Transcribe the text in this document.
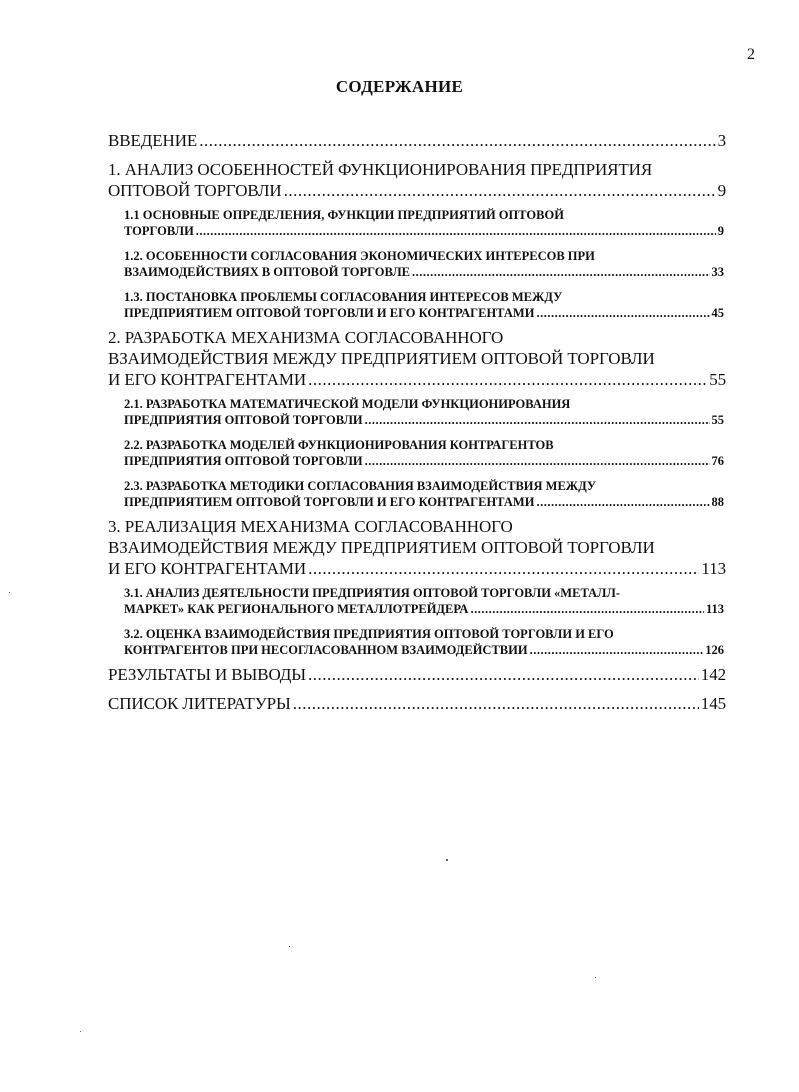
2
СОДЕРЖАНИЕ
ВВЕДЕНИЕ .....	3
1. АНАЛИЗ ОСОБЕННОСТЕЙ ФУНКЦИОНИРОВАНИЯ ПРЕДПРИЯТИЯ
ОПТОВОЙ ТОРГОВЛИ .....	9
1.1 ОСНОВНЫЕ ОПРЕДЕЛЕНИЯ, ФУНКЦИИ ПРЕДПРИЯТИЙ ОПТОВОЙ
ТОРГОВЛИ .....	9
1.2. ОСОБЕННОСТИ СОГЛАСОВАНИЯ ЭКОНОМИЧЕСКИХ ИНТЕРЕСОВ ПРИ
ВЗАИМОДЕЙСТВИЯХ В ОПТОВОЙ ТОРГОВЛЕ .....	33
1.3. ПОСТАНОВКА ПРОБЛЕМЫ СОГЛАСОВАНИЯ ИНТЕРЕСОВ МЕЖДУ
ПРЕДПРИЯТИЕМ ОПТОВОЙ ТОРГОВЛИ И ЕГО КОНТРАГЕНТАМИ .....	45
2. РАЗРАБОТКА МЕХАНИЗМА СОГЛАСОВАННОГО
ВЗАИМОДЕЙСТВИЯ МЕЖДУ ПРЕДПРИЯТИЕМ ОПТОВОЙ ТОРГОВЛИ
И ЕГО КОНТРАГЕНТАМИ .....	55
2.1. РАЗРАБОТКА МАТЕМАТИЧЕСКОЙ МОДЕЛИ ФУНКЦИОНИРОВАНИЯ
ПРЕДПРИЯТИЯ ОПТОВОЙ ТОРГОВЛИ .....	55
2.2. РАЗРАБОТКА МОДЕЛЕЙ ФУНКЦИОНИРОВАНИЯ КОНТРАГЕНТОВ
ПРЕДПРИЯТИЯ ОПТОВОЙ ТОРГОВЛИ .....	76
2.3. РАЗРАБОТКА МЕТОДИКИ СОГЛАСОВАНИЯ ВЗАИМОДЕЙСТВИЯ МЕЖДУ
ПРЕДПРИЯТИЕМ ОПТОВОЙ ТОРГОВЛИ И ЕГО КОНТРАГЕНТАМИ .....	88
3. РЕАЛИЗАЦИЯ МЕХАНИЗМА СОГЛАСОВАННОГО
ВЗАИМОДЕЙСТВИЯ МЕЖДУ ПРЕДПРИЯТИЕМ ОПТОВОЙ ТОРГОВЛИ
И ЕГО КОНТРАГЕНТАМИ .....	113
3.1. АНАЛИЗ ДЕЯТЕЛЬНОСТИ ПРЕДПРИЯТИЯ ОПТОВОЙ ТОРГОВЛИ «МЕТАЛЛ-
МАРКЕТ» КАК РЕГИОНАЛЬНОГО МЕТАЛЛОТРЕЙДЕРА .....	113
3.2. ОЦЕНКА ВЗАИМОДЕЙСТВИЯ ПРЕДПРИЯТИЯ ОПТОВОЙ ТОРГОВЛИ И ЕГО
КОНТРАГЕНТОВ ПРИ НЕСОГЛАСОВАННОМ ВЗАИМОДЕЙСТВИИ .....	126
РЕЗУЛЬТАТЫ И ВЫВОДЫ .....	142
СПИСОК ЛИТЕРАТУРЫ .....	145
